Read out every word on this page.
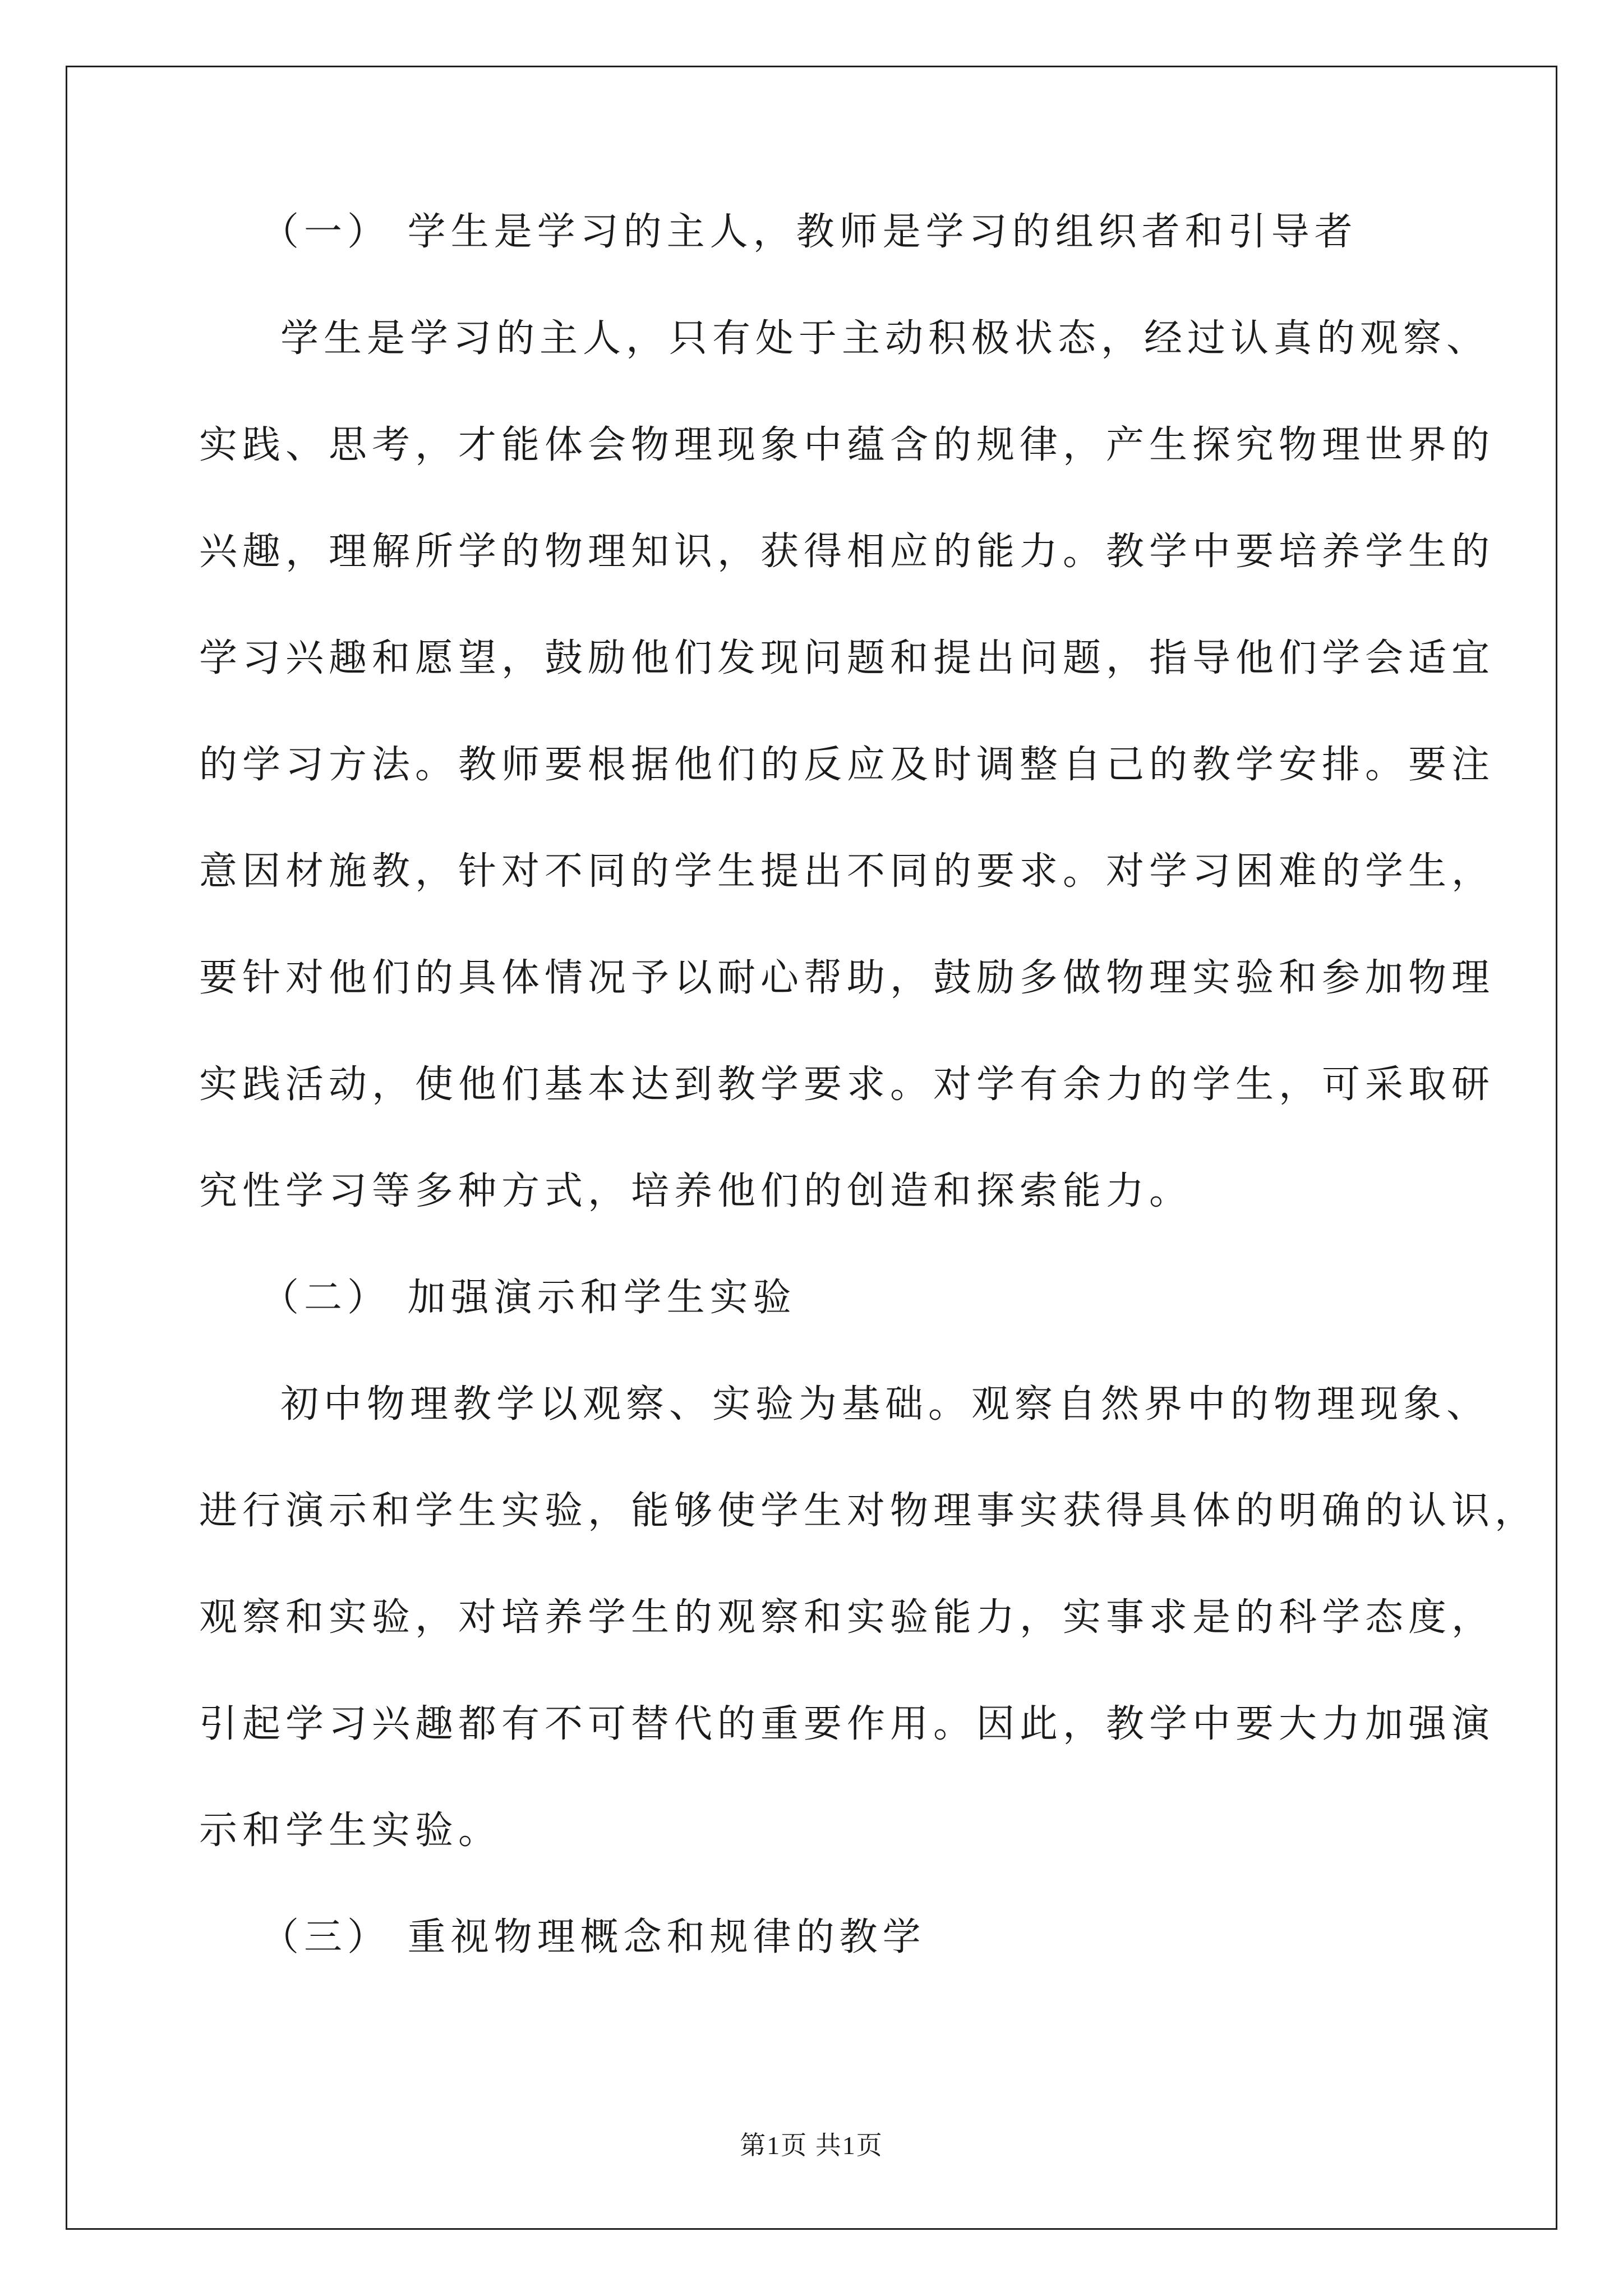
（一） 学生是学习的主人，教师是学习的组织者和引导者
学生是学习的主人，只有处于主动积极状态，经过认真的观察、
实践、思考，才能体会物理现象中蕴含的规律，产生探究物理世界的
兴趣，理解所学的物理知识，获得相应的能力。教学中要培养学生的
学习兴趣和愿望，鼓励他们发现问题和提出问题，指导他们学会适宜
的学习方法。教师要根据他们的反应及时调整自己的教学安排。要注
意因材施教，针对不同的学生提出不同的要求。对学习困难的学生，
要针对他们的具体情况予以耐心帮助，鼓励多做物理实验和参加物理
实践活动，使他们基本达到教学要求。对学有余力的学生，可采取研
究性学习等多种方式，培养他们的创造和探索能力。
（二） 加强演示和学生实验
初中物理教学以观察、实验为基础。观察自然界中的物理现象、
进行演示和学生实验，能够使学生对物理事实获得具体的明确的认识，
观察和实验，对培养学生的观察和实验能力，实事求是的科学态度，
引起学习兴趣都有不可替代的重要作用。因此，教学中要大力加强演
示和学生实验。
（三） 重视物理概念和规律的教学
第1页 共1页
